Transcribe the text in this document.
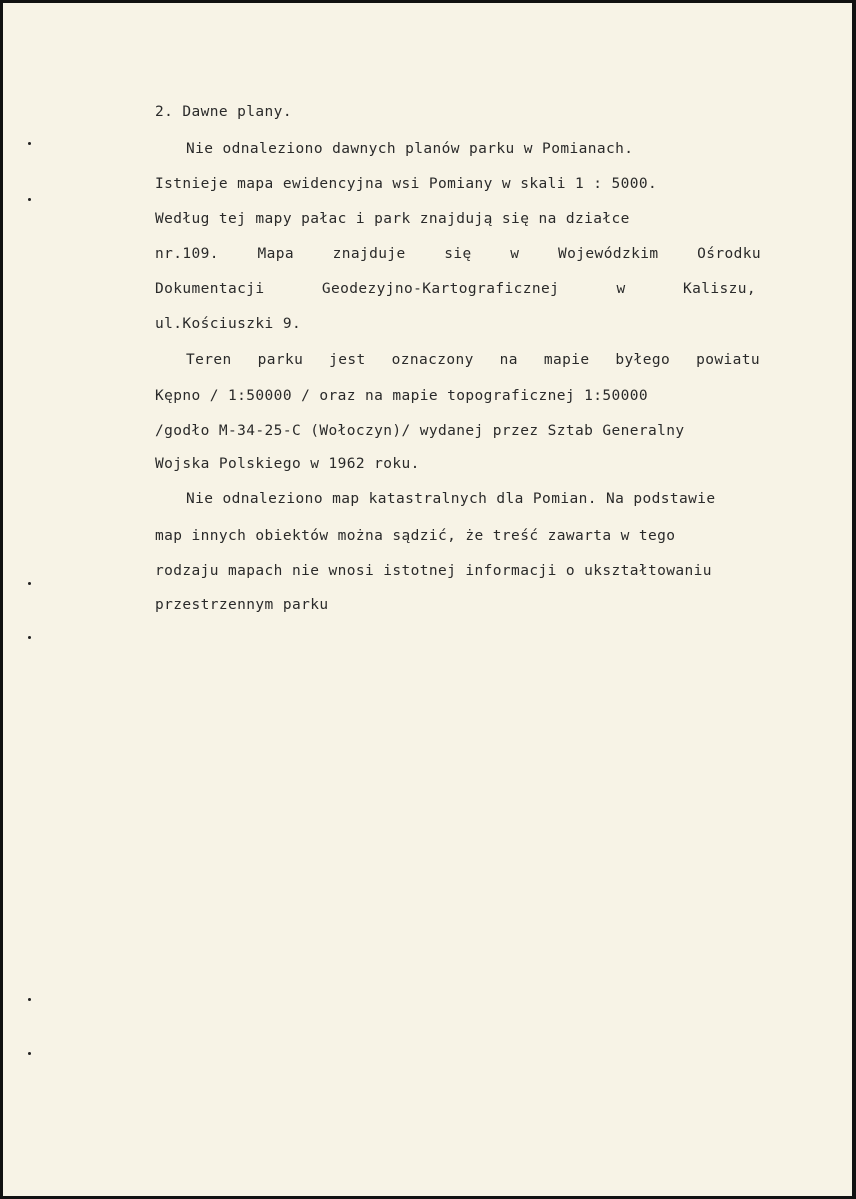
2. Dawne plany.
Nie odnaleziono dawnych planów parku w Pomianach.
Istnieje mapa ewidencyjna wsi Pomiany w skali 1 : 5000.
Według tej mapy pałac i park znajdują się na działce
nr.109. Mapa znajduje się w Wojewódzkim Ośrodku
Dokumentacji Geodezyjno-Kartograficznej w Kaliszu,
ul.Kościuszki 9.
Teren parku jest oznaczony na mapie byłego powiatu
Kępno / 1:50000 / oraz na mapie topograficznej 1:50000
/godło M-34-25-C (Wołoczyn)/ wydanej przez Sztab Generalny
Wojska Polskiego w 1962 roku.
Nie odnaleziono map katastralnych dla Pomian. Na podstawie
map innych obiektów można sądzić, że treść zawarta w tego
rodzaju mapach nie wnosi istotnej informacji o ukształtowaniu
przestrzennym parku
